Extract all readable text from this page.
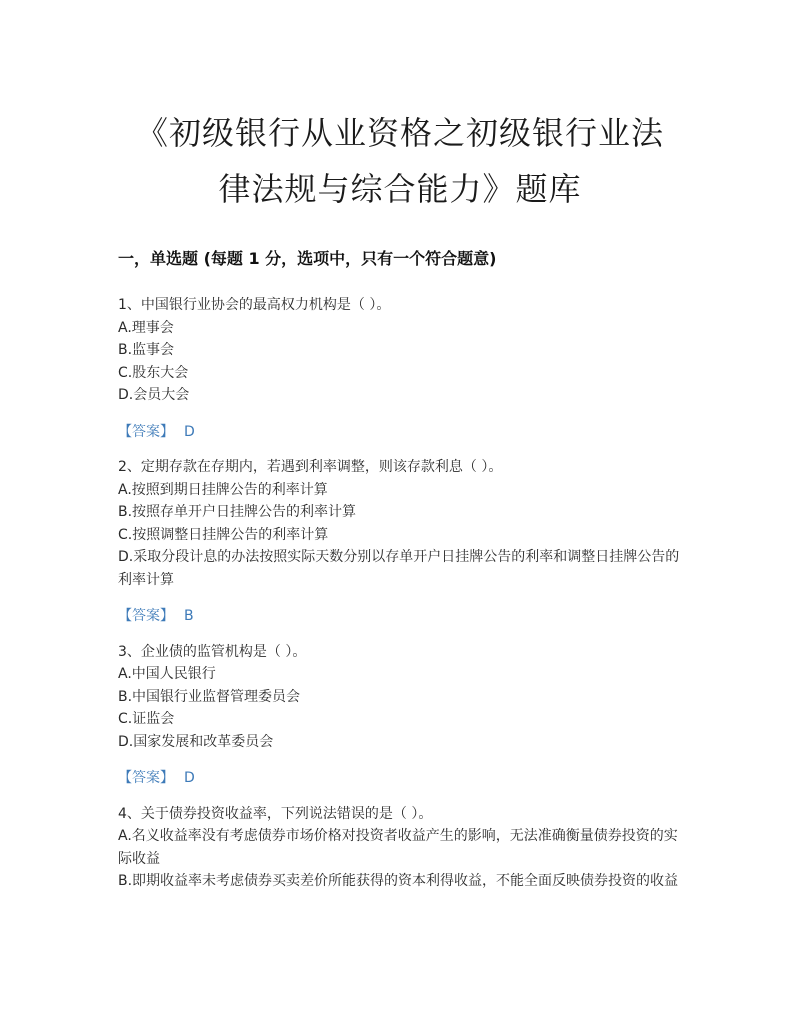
《初级银行从业资格之初级银行业法
律法规与综合能力》题库
一，单选题 (每题 1 分，选项中，只有一个符合题意)
1、中国银行业协会的最高权力机构是（ ）。
A.理事会
B.监事会
C.股东大会
D.会员大会
【答案】 D
2、定期存款在存期内，若遇到利率调整，则该存款利息（ ）。
A.按照到期日挂牌公告的利率计算
B.按照存单开户日挂牌公告的利率计算
C.按照调整日挂牌公告的利率计算
D.采取分段计息的办法按照实际天数分别以存单开户日挂牌公告的利率和调整日挂牌公告的利率计算
【答案】 B
3、企业债的监管机构是（ ）。
A.中国人民银行
B.中国银行业监督管理委员会
C.证监会
D.国家发展和改革委员会
【答案】 D
4、关于债券投资收益率，下列说法错误的是（ ）。
A.名义收益率没有考虑债券市场价格对投资者收益产生的影响，无法准确衡量债券投资的实际收益
B.即期收益率未考虑债券买卖差价所能获得的资本利得收益，不能全面反映债券投资的收益
